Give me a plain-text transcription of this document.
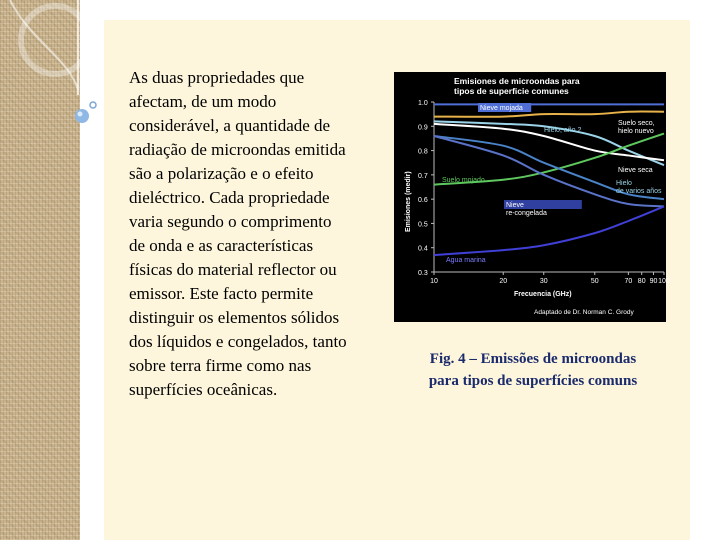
As duas propriedades que afectam, de um modo considerável, a quantidade de radiação de microondas emitida são a polarização e o efeito dieléctrico. Cada propriedade varia segundo o comprimento de onda e as características físicas do material reflector ou emissor. Este facto permite distinguir os elementos sólidos dos líquidos e congelados, tanto sobre terra firme como nas superfícies oceânicas.
Emisiones de microondas para tipos de superficie comunes
Emisiones (medir)
Frecuencia (GHz)
Adaptado de Dr. Norman C. Grody
1.0
0.9
0.8
0.7
0.6
0.5
0.4
0.3
10	20	30	50	70 80 90 100
Nieve mojada
Suelo seco, hielo nuevo
Hielo, año 2
Nieve seca
Suelo mojado	Hielo de varios años
Nieve re-congelada
Agua marina
Fig. 4 – Emissões de microondas para tipos de superfícies comuns
